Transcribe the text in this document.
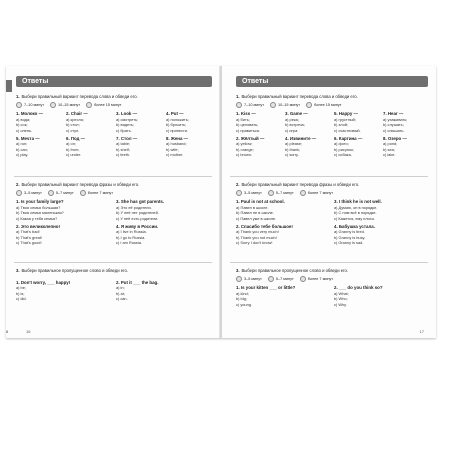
Ответы
1. Выбери правильный вариант перевода слова и обведи его.
7–10 минут	10–15 минут	более 15 минут
1. Молоко —
a) вода;
b) сок;
c) олень.
2. Chair —
a) кресло;
b) стол;
c) стул.
3. Look —
a) смотреть;
b) видеть;
c) брать.
4. Put —
a) положить;
b) бросить;
c) принести.
5. Мечта —
a) run;
b) can;
c) play.
6. Под —
a) on;
b) from;
c) under.
7. Стол —
a) table;
b) shelf;
c) teeth.
8. Жена —
a) husband;
b) wife;
c) mother.
2. Выбери правильный вариант перевода фразы и обведи его.
3–5 минут	5–7 минут	более 7 минут
1. Is your family large?
a) Твоя семья большая?
b) Твоя семья маленькая?
c) Какая у тебя семья?
3. She has got parents.
a) Это её родители.
b) У неё нет родителей.
c) У неё есть родители.
2. Это великолепно!
a) That's bad!
b) That's great!
c) That's good!
4. Я живу в России.
a) I live in Russia.
b) I go to Russia.
c) I am Russia.
3. Выбери правильное пропущенное слово и обведи его.
1. Don't worry, ___ happy!
a) be;
b) is;
c) did.
2. Put it ___ the bag.
a) in;
b) at;
c) can.
8	16
Ответы
1. Выбери правильный вариант перевода слова и обведи его.
7–10 минут	10–15 минут	более 15 минут
1. Kiss —
a) бить;
b) целовать;
c) нравиться.
3. Game —
a) река;
b) встреча;
c) игра.
5. Happy —
a) грустный;
b) злой;
c) счастливый.
7. Hear —
a) ухаживать;
b) слушать;
c) слышать.
2. Жёлтый —
a) yellow;
b) orange;
c) brown.
4. Извините —
a) please;
b) thank;
c) sorry.
6. Картина —
a) фото;
b) рисунок;
c) собака.
8. Озеро —
a) pond;
b) sea;
c) lake.
2. Выбери правильный вариант перевода фразы и обведи его.
3–5 минут	5–7 минут	более 7 минут
1. Paul is not at school.
a) Павел в школе.
b) Павел не в школе.
c) Павел уже в школе.
3. I think he is not well.
a) Думаю, он в порядке.
b) С ним всё в порядке.
c) Кажется, ему плохо.
2. Спасибо тебе большое!
a) Thank you very much!
b) Thank you not much!
c) Sorry I don't know!
4. Бабушка устала.
a) Granny is tired.
b) Granny is busy.
c) Granny is sad.
3. Выбери правильное пропущенное слово и обведи его.
3–5 минут	5–7 минут	более 7 минут
1. Is your kitten ___ or little?
a) kind;
b) big;
c) young.
2. ___ do you think so?
a) What;
b) Who;
c) Why.
17
